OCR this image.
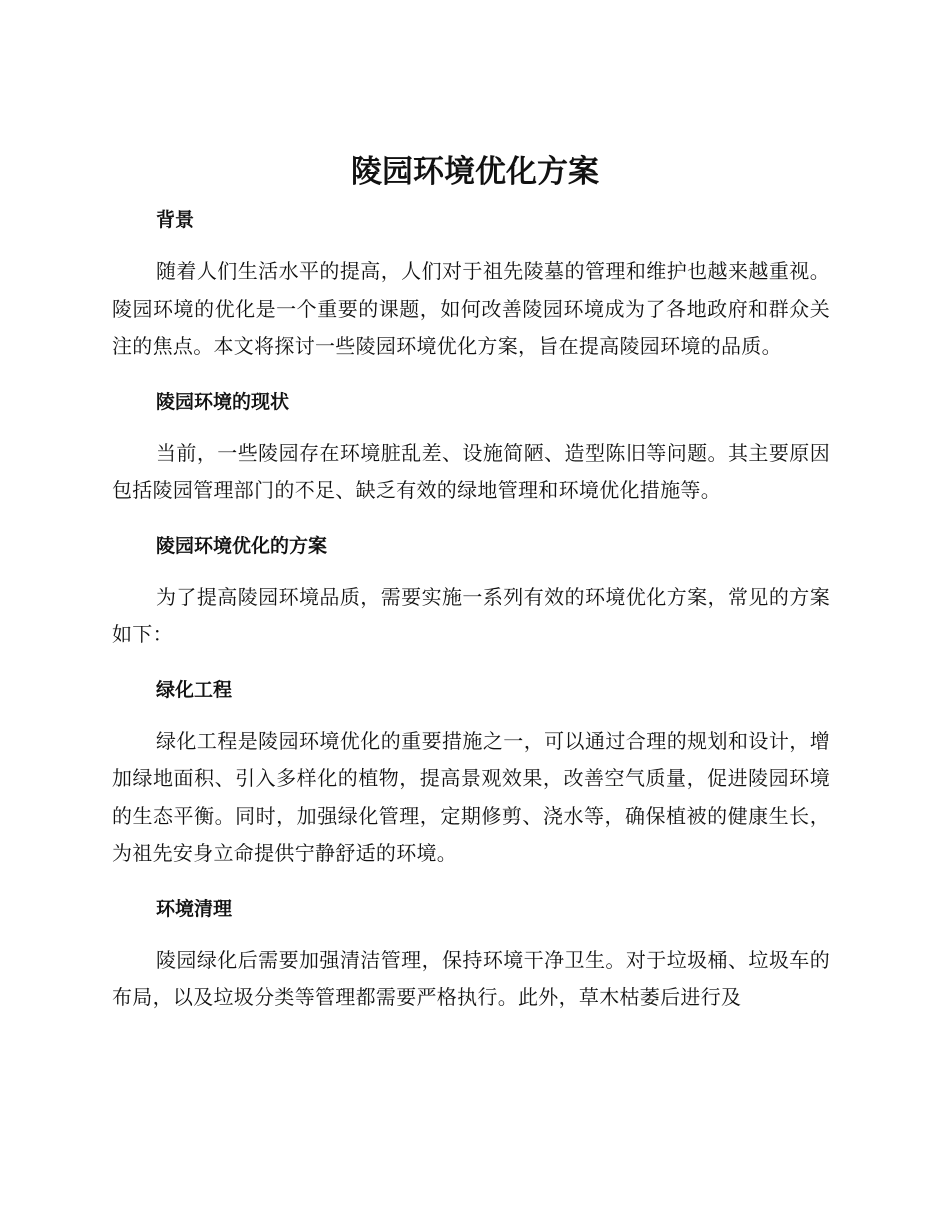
陵园环境优化方案
背景

随着人们生活水平的提高，人们对于祖先陵墓的管理和维护也越来越重视。陵园环境的优化是一个重要的课题，如何改善陵园环境成为了各地政府和群众关注的焦点。本文将探讨一些陵园环境优化方案，旨在提高陵园环境的品质。

陵园环境的现状

当前，一些陵园存在环境脏乱差、设施简陋、造型陈旧等问题。其主要原因包括陵园管理部门的不足、缺乏有效的绿地管理和环境优化措施等。

陵园环境优化的方案

为了提高陵园环境品质，需要实施一系列有效的环境优化方案，常见的方案如下：

绿化工程

绿化工程是陵园环境优化的重要措施之一，可以通过合理的规划和设计，增加绿地面积、引入多样化的植物，提高景观效果，改善空气质量，促进陵园环境的生态平衡。同时，加强绿化管理，定期修剪、浇水等，确保植被的健康生长，为祖先安身立命提供宁静舒适的环境。

环境清理

陵园绿化后需要加强清洁管理，保持环境干净卫生。对于垃圾桶、垃圾车的布局，以及垃圾分类等管理都需要严格执行。此外，草木枯萎后进行及
